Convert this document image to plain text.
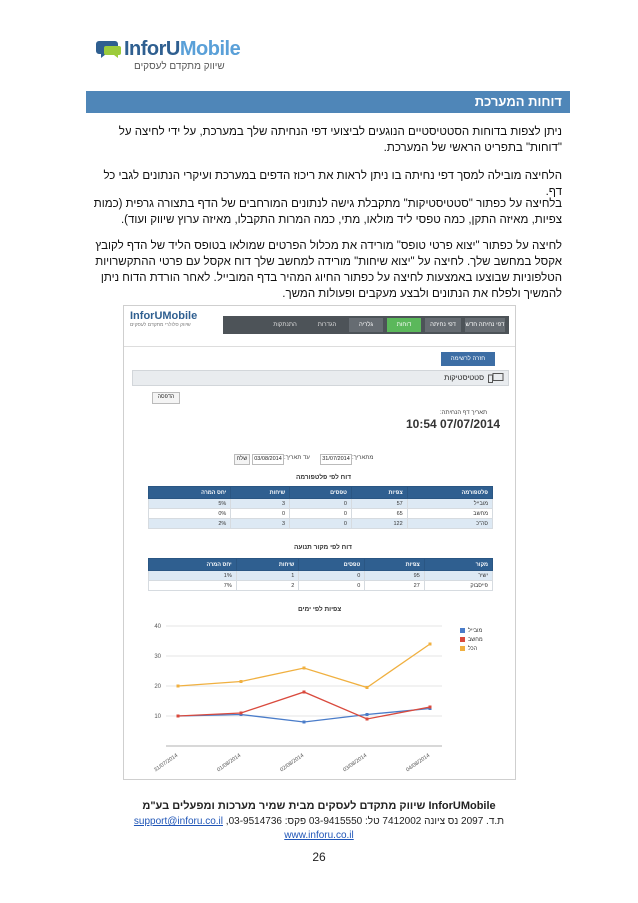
InforUMobile
שיווק מתקדם לעסקים
דוחות המערכת

ניתן לצפות בדוחות הסטטיסטיים הנוגעים לביצועי דפי הנחיתה שלך במערכת, על ידי לחיצה על "דוחות" בתפריט הראשי של המערכת.

הלחיצה מובילה למסך דפי נחיתה בו ניתן לראות את ריכוז הדפים במערכת ועיקרי הנתונים לגבי כל דף.

בלחיצה על כפתור "סטטיסטיקות" מתקבלת גישה לנתונים המורחבים של הדף בתצורה גרפית (כמות צפיות, מאיזה התקן, כמה טפסי ליד מולאו, מתי, כמה המרות התקבלו, מאיזה ערוץ שיווק ועוד).

לחיצה על כפתור "יצוא פרטי טופס" מורידה את מכלול הפרטים שמולאו בטופס הליד של הדף לקובץ אקסל במחשב שלך. לחיצה על "יצוא שיחות" מורידה למחשב שלך דוח אקסל עם פרטי ההתקשרויות הטלפוניות שבוצעו באמצעות לחיצה על כפתור החיוג המהיר בדף המובייל. לאחר הורדת הדוח ניתן להמשיך ולפלח את הנתונים ולבצע מעקבים ופעולות המשך.

InforUMobile
שיווק סלולרי מתקדם לעסקים	דפי נחיתה חדש
דפי נחיתה
דוחות
גלריה
הגדרות
התנתקות
חזרה לרשימה
סטטיסטיקות
הדפסה
תאריך דף הנחיתה:
07/07/2014 10:54
מתאריך:
31/07/2014
עד תאריך:
03/08/2014
שלח
דוח לפי פלטפורמה
פלטפורמה	צפיות	טפסים	שיחות	יחס המרה
מובייל	57	0	3	5%
מחשב	65	0	0	0%
סה"כ	122	0	3	2%
דוח לפי מקור תנועה
מקור	צפיות	טפסים	שיחות	יחס המרה
ישיר	95	0	1	1%
פייסבוק	27	0	2	7%
צפיות לפי ימים
10
20
30
40
31/07/2014	01/08/2014	02/08/2014	03/08/2014	04/08/2014
מובייל
מחשב
הכל
InforUMobile שיווק מתקדם לעסקים מבית שמיר מערכות ומפעלים בע"מ
ת.ד. 2097 נס ציונה 7412002 טל: 03-9415550 פקס: 03-9514736, support@inforu.co.il
www.inforu.co.il
26
